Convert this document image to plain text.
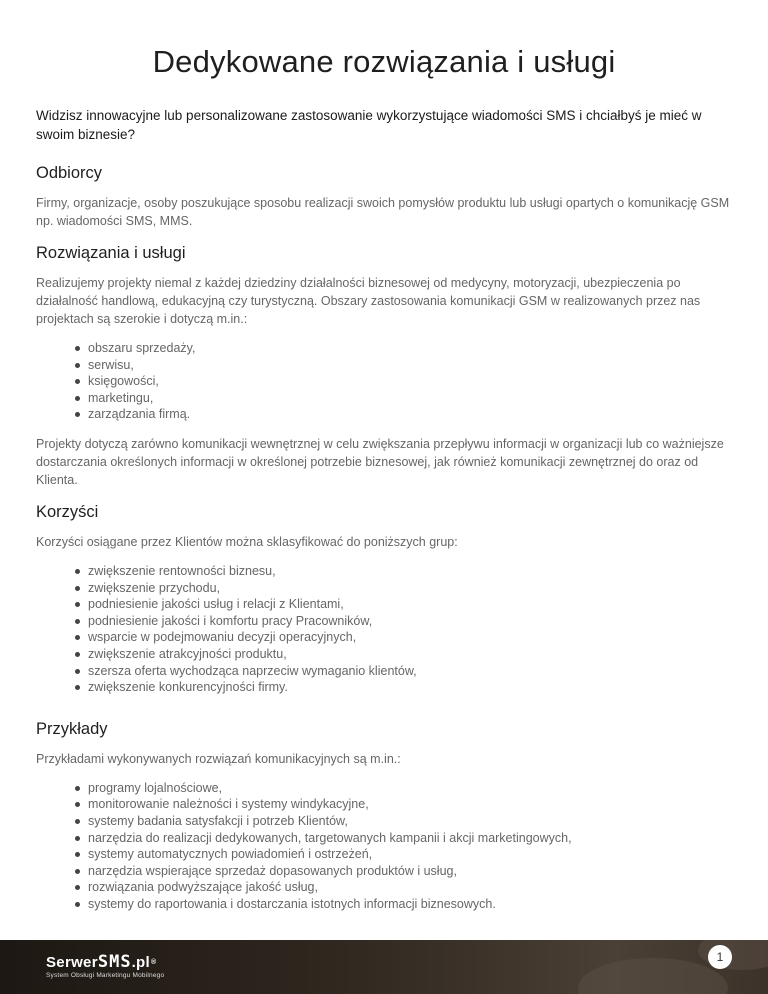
Dedykowane rozwiązania i usługi
Widzisz innowacyjne lub personalizowane zastosowanie wykorzystujące wiadomości SMS i chciałbyś je mieć w swoim biznesie?
Odbiorcy

Firmy, organizacje, osoby poszukujące sposobu realizacji swoich pomysłów produktu lub usługi opartych o komunikację GSM np. wiadomości SMS, MMS.

Rozwiązania i usługi

Realizujemy projekty niemal z każdej dziedziny działalności biznesowej od medycyny, motoryzacji, ubezpieczenia po działalność handlową, edukacyjną czy turystyczną. Obszary zastosowania komunikacji GSM w realizowanych przez nas projektach są szerokie i dotyczą m.in.:

obszaru sprzedaży,
serwisu,
księgowości,
marketingu,
zarządzania firmą.

Projekty dotyczą zarówno komunikacji wewnętrznej w celu zwiększania przepływu informacji w organizacji lub co ważniejsze dostarczania określonych informacji w określonej potrzebie biznesowej, jak również komunikacji zewnętrznej do oraz od Klienta.

Korzyści

Korzyści osiągane przez Klientów można sklasyfikować do poniższych grup:

zwiększenie rentowności biznesu,
zwiększenie przychodu,
podniesienie jakości usług i relacji z Klientami,
podniesienie jakości i komfortu pracy Pracowników,
wsparcie w podejmowaniu decyzji operacyjnych,
zwiększenie atrakcyjności produktu,
szersza oferta wychodząca naprzeciw wymaganio klientów,
zwiększenie konkurencyjności firmy.
Przykłady

Przykładami wykonywanych rozwiązań komunikacyjnych są m.in.:

programy lojalnościowe,
monitorowanie należności i systemy windykacyjne,
systemy badania satysfakcji i potrzeb Klientów,
narzędzia do realizacji dedykowanych, targetowanych kampanii i akcji marketingowych,
systemy automatycznych powiadomień i ostrzeżeń,
narzędzia wspierające sprzedaż dopasowanych produktów i usług,
rozwiązania podwyższające jakość usług,
systemy do raportowania i dostarczania istotnych informacji biznesowych.
SerwerSMS.pl®
System Obsługi Marketingu Mobilnego
1
